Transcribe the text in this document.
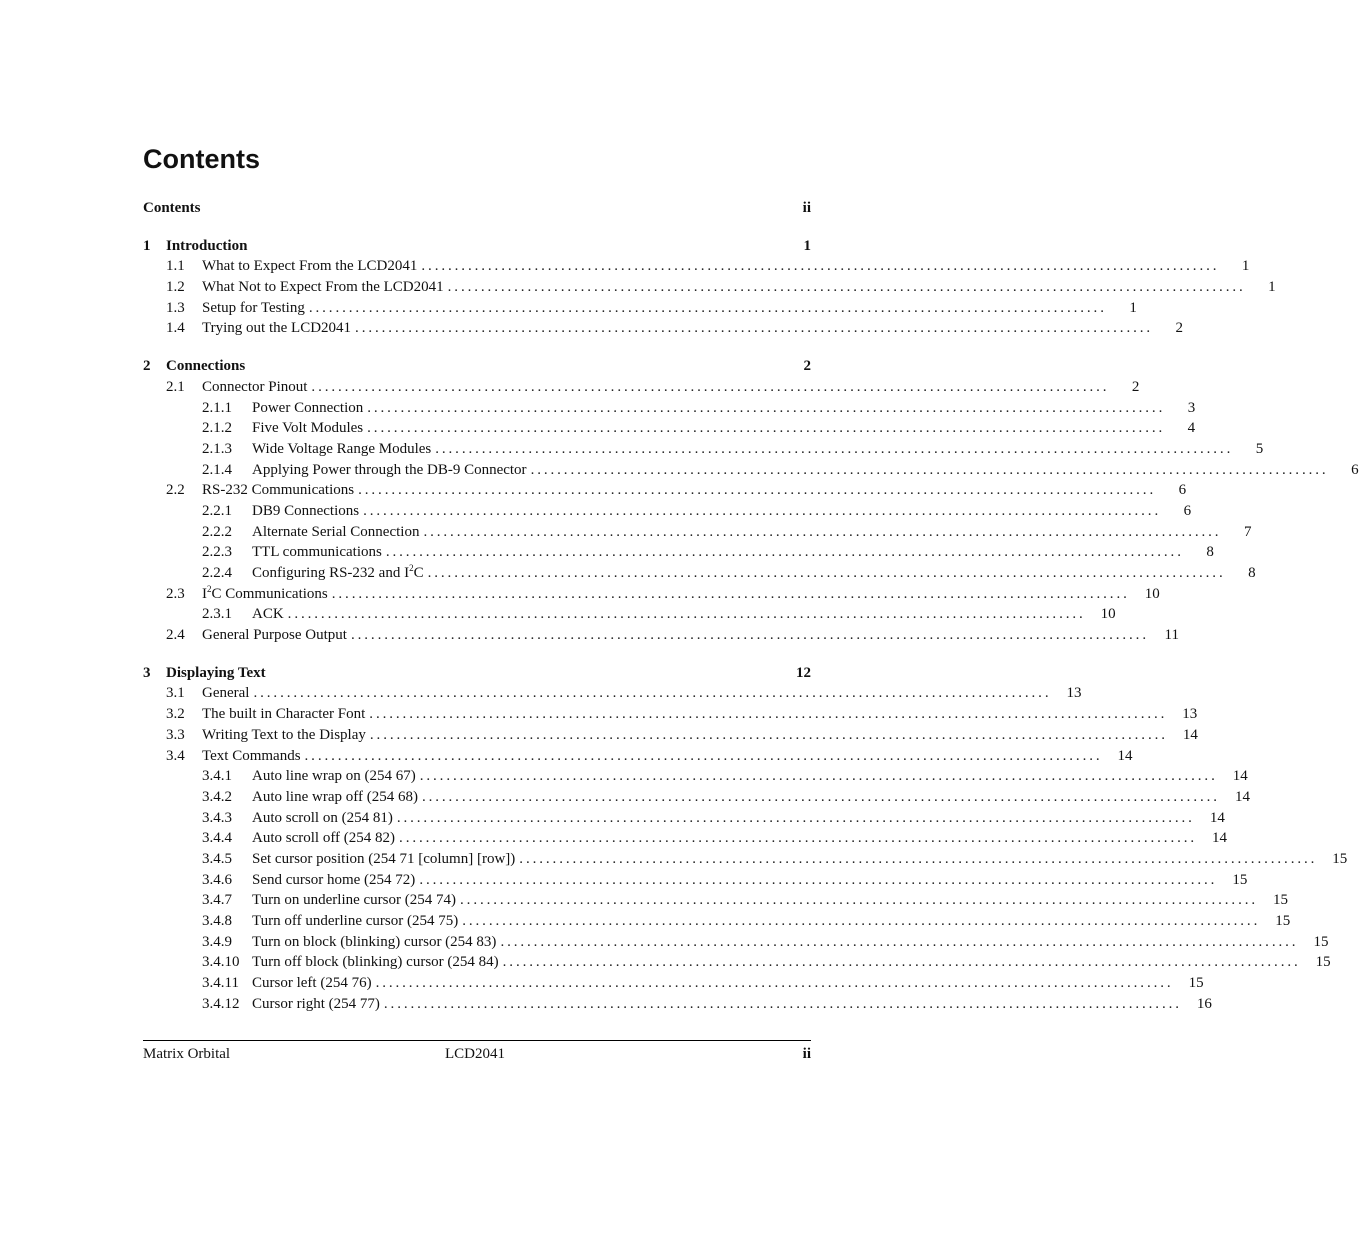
Contents
Contents	ii
1	Introduction	1
1.1	What to Expect From the LCD2041 ........................................................................................................................	1
1.2	What Not to Expect From the LCD2041 ........................................................................................................................	1
1.3	Setup for Testing ........................................................................................................................	1
1.4	Trying out the LCD2041 ........................................................................................................................	2
2	Connections	2
2.1	Connector Pinout ........................................................................................................................	2
2.1.1	Power Connection ........................................................................................................................	3
2.1.2	Five Volt Modules ........................................................................................................................	4
2.1.3	Wide Voltage Range Modules ........................................................................................................................	5
2.1.4	Applying Power through the DB-9 Connector ........................................................................................................................	6
2.2	RS-232 Communications ........................................................................................................................	6
2.2.1	DB9 Connections ........................................................................................................................	6
2.2.2	Alternate Serial Connection ........................................................................................................................	7
2.2.3	TTL communications ........................................................................................................................	8
2.2.4	Configuring RS-232 and $I^2C$ ........................................................................................................................	8
2.3	$I^2C$ Communications ........................................................................................................................	10
2.3.1	ACK ........................................................................................................................	10
2.4	General Purpose Output ........................................................................................................................	11
3	Displaying Text	12
3.1	General ........................................................................................................................	13
3.2	The built in Character Font ........................................................................................................................	13
3.3	Writing Text to the Display ........................................................................................................................	14
3.4	Text Commands ........................................................................................................................	14
3.4.1	Auto line wrap on (254 67) ........................................................................................................................	14
3.4.2	Auto line wrap off (254 68) ........................................................................................................................	14
3.4.3	Auto scroll on (254 81) ........................................................................................................................	14
3.4.4	Auto scroll off (254 82) ........................................................................................................................	14
3.4.5	Set cursor position (254 71 [column] [row]) ........................................................................................................................	15
3.4.6	Send cursor home (254 72) ........................................................................................................................	15
3.4.7	Turn on underline cursor (254 74) ........................................................................................................................	15
3.4.8	Turn off underline cursor (254 75) ........................................................................................................................	15
3.4.9	Turn on block (blinking) cursor (254 83) ........................................................................................................................	15
3.4.10 Turn off block (blinking) cursor (254 84) ........................................................................................................................	15
3.4.11 Cursor left (254 76) ........................................................................................................................	15
3.4.12 Cursor right (254 77) ........................................................................................................................	16
Matrix Orbital	LCD2041	ii
